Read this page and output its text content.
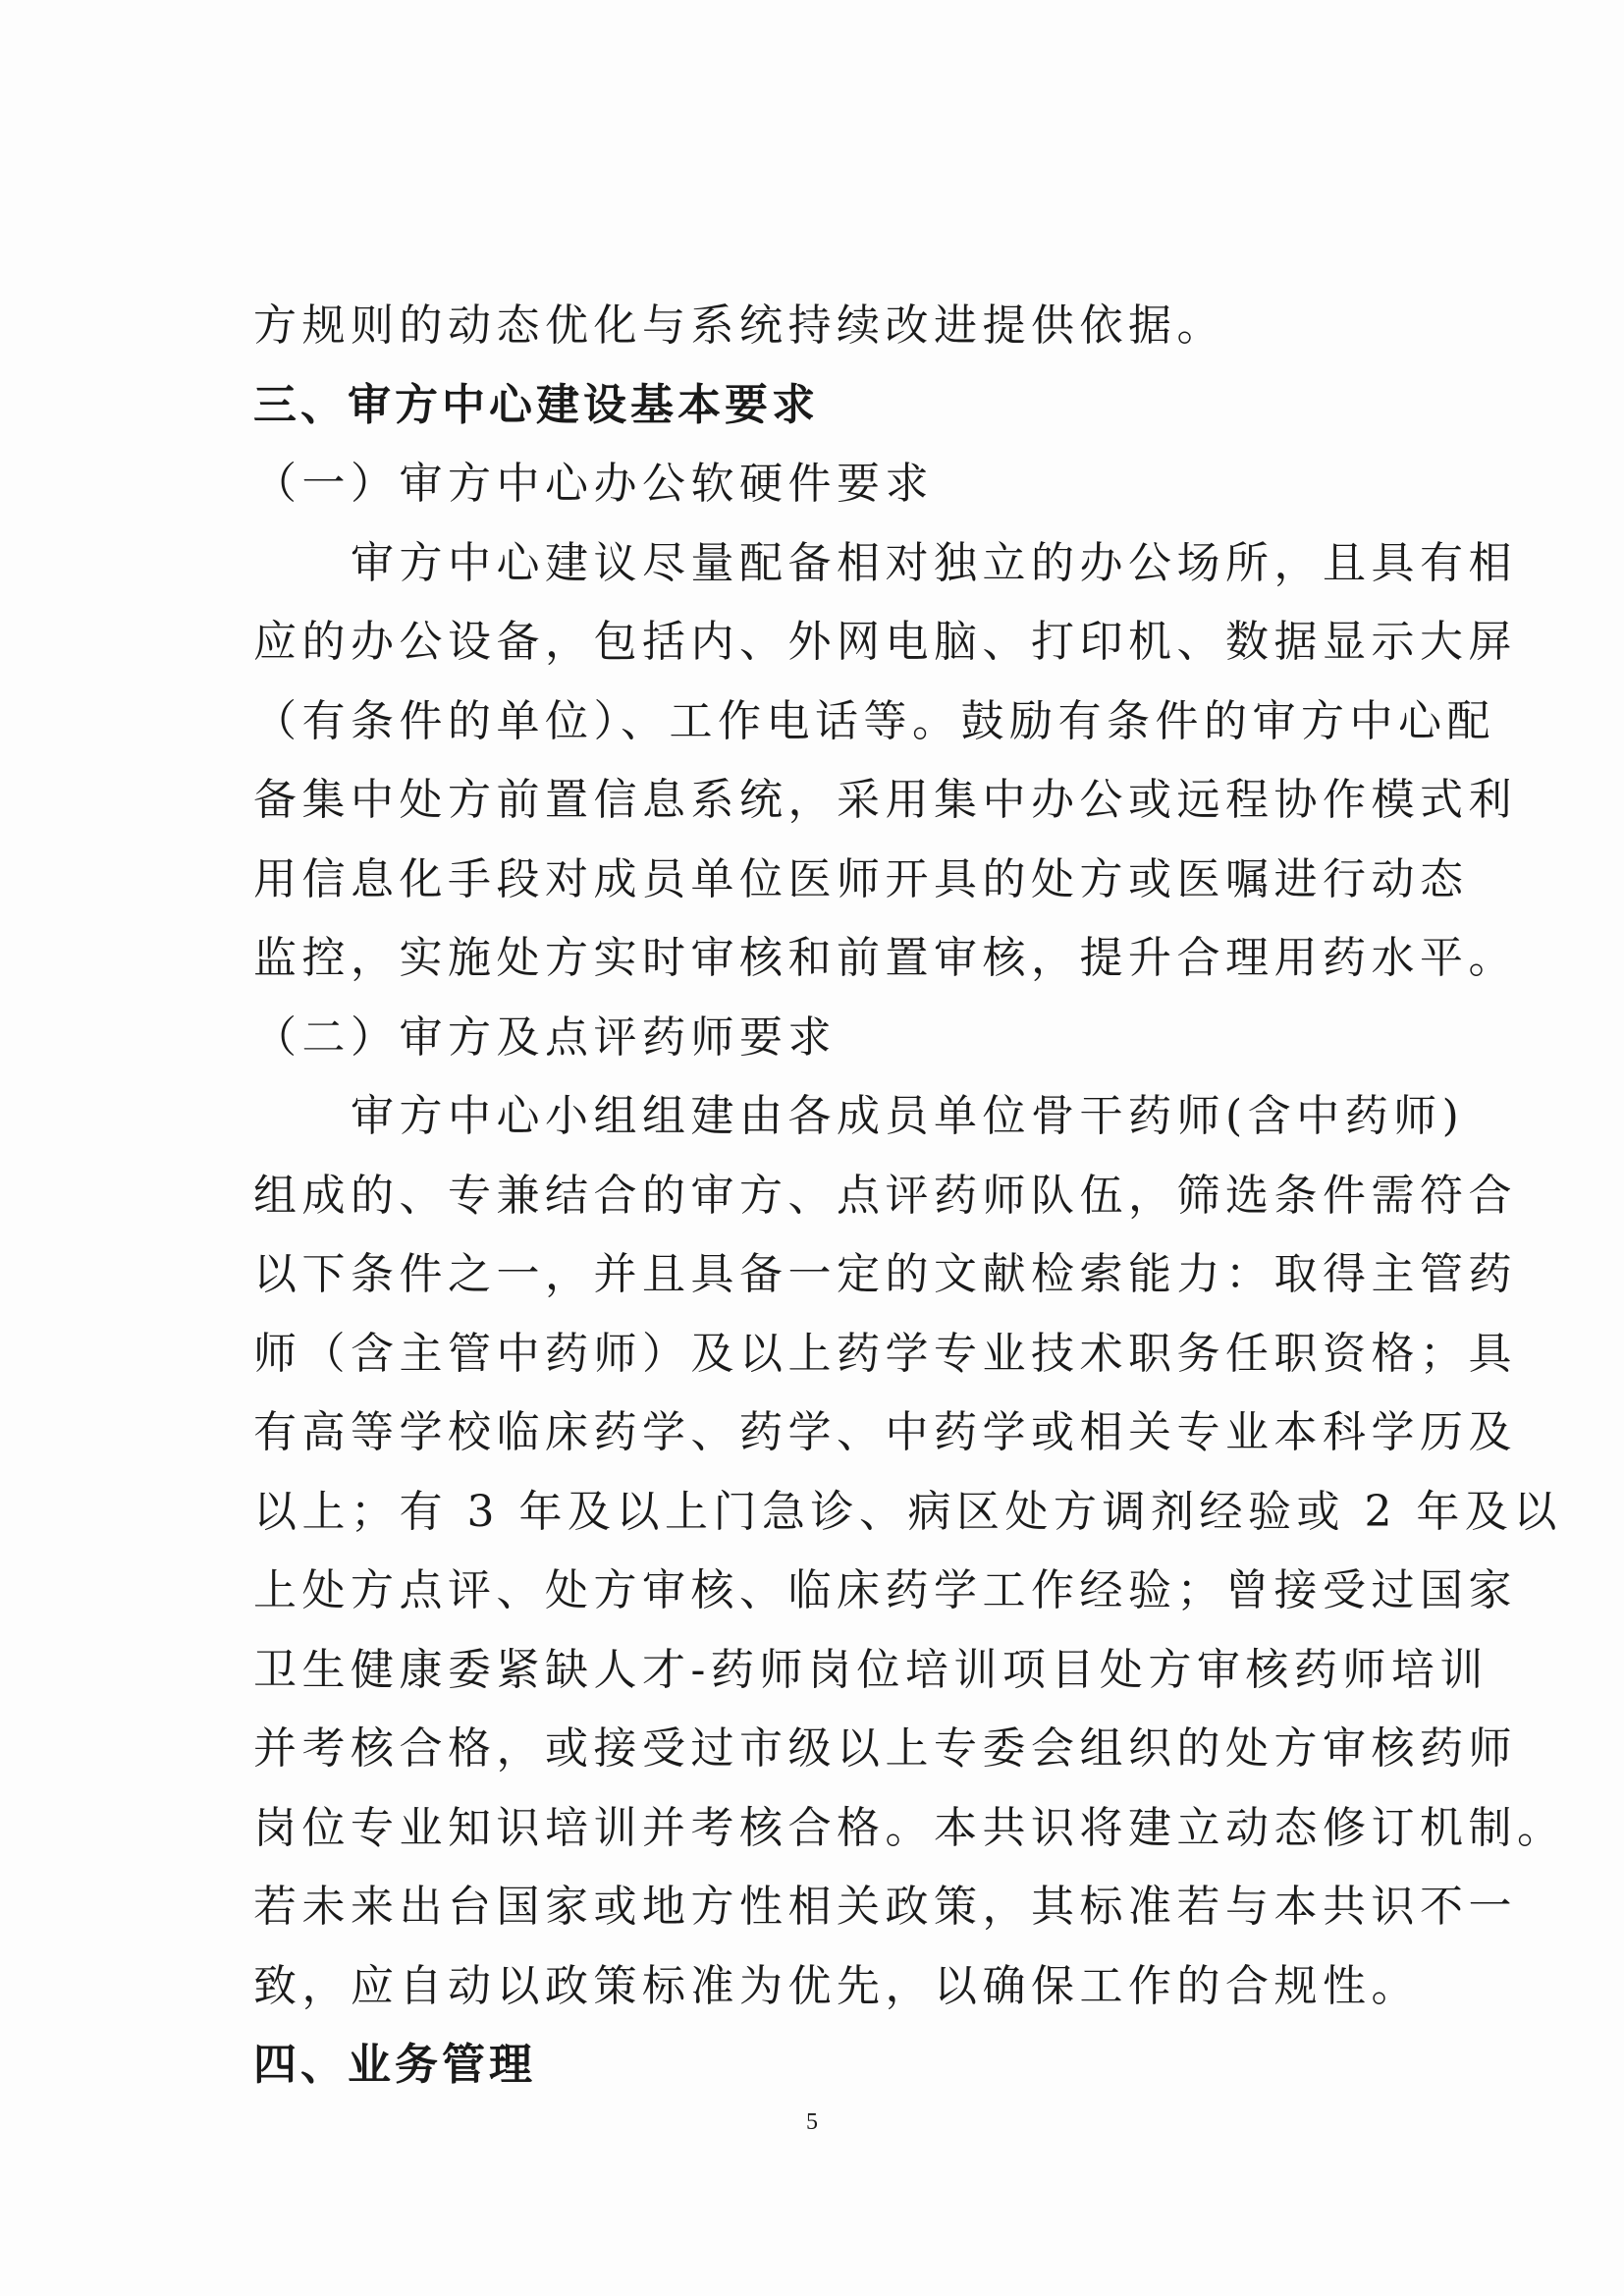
方规则的动态优化与系统持续改进提供依据。
三、审方中心建设基本要求
（一）审方中心办公软硬件要求
　　审方中心建议尽量配备相对独立的办公场所，且具有相
应的办公设备，包括内、外网电脑、打印机、数据显示大屏
（有条件的单位）、工作电话等。鼓励有条件的审方中心配
备集中处方前置信息系统，采用集中办公或远程协作模式利
用信息化手段对成员单位医师开具的处方或医嘱进行动态
监控，实施处方实时审核和前置审核，提升合理用药水平。
（二）审方及点评药师要求
　　审方中心小组组建由各成员单位骨干药师(含中药师)
组成的、专兼结合的审方、点评药师队伍，筛选条件需符合
以下条件之一，并且具备一定的文献检索能力：取得主管药
师（含主管中药师）及以上药学专业技术职务任职资格；具
有高等学校临床药学、药学、中药学或相关专业本科学历及
以上；有 3 年及以上门急诊、病区处方调剂经验或 2 年及以
上处方点评、处方审核、临床药学工作经验；曾接受过国家
卫生健康委紧缺人才-药师岗位培训项目处方审核药师培训
并考核合格，或接受过市级以上专委会组织的处方审核药师
岗位专业知识培训并考核合格。本共识将建立动态修订机制。
若未来出台国家或地方性相关政策，其标准若与本共识不一
致，应自动以政策标准为优先，以确保工作的合规性。
四、业务管理
5
